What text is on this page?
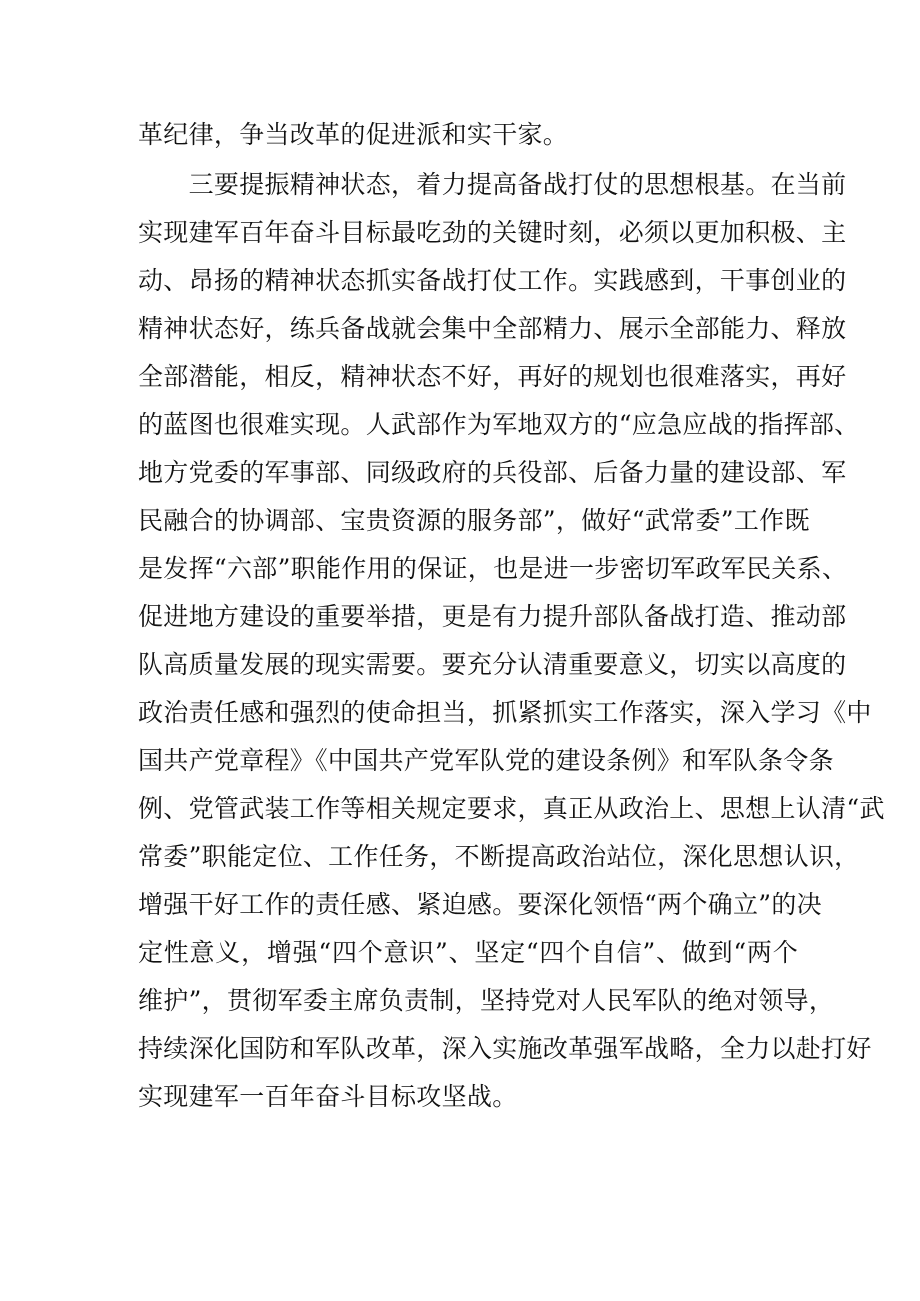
革纪律，争当改革的促进派和实干家。
　　三要提振精神状态，着力提高备战打仗的思想根基。在当前
实现建军百年奋斗目标最吃劲的关键时刻，必须以更加积极、主
动、昂扬的精神状态抓实备战打仗工作。实践感到，干事创业的
精神状态好，练兵备战就会集中全部精力、展示全部能力、释放
全部潜能，相反，精神状态不好，再好的规划也很难落实，再好
的蓝图也很难实现。人武部作为军地双方的“应急应战的指挥部、
地方党委的军事部、同级政府的兵役部、后备力量的建设部、军
民融合的协调部、宝贵资源的服务部”，做好“武常委”工作既
是发挥“六部”职能作用的保证，也是进一步密切军政军民关系、
促进地方建设的重要举措，更是有力提升部队备战打造、推动部
队高质量发展的现实需要。要充分认清重要意义，切实以高度的
政治责任感和强烈的使命担当，抓紧抓实工作落实，深入学习《中
国共产党章程》《中国共产党军队党的建设条例》和军队条令条
例、党管武装工作等相关规定要求，真正从政治上、思想上认清“武
常委”职能定位、工作任务，不断提高政治站位，深化思想认识，
增强干好工作的责任感、紧迫感。要深化领悟“两个确立”的决
定性意义，增强“四个意识”、坚定“四个自信”、做到“两个
维护”，贯彻军委主席负责制，坚持党对人民军队的绝对领导，
持续深化国防和军队改革，深入实施改革强军战略，全力以赴打好
实现建军一百年奋斗目标攻坚战。
